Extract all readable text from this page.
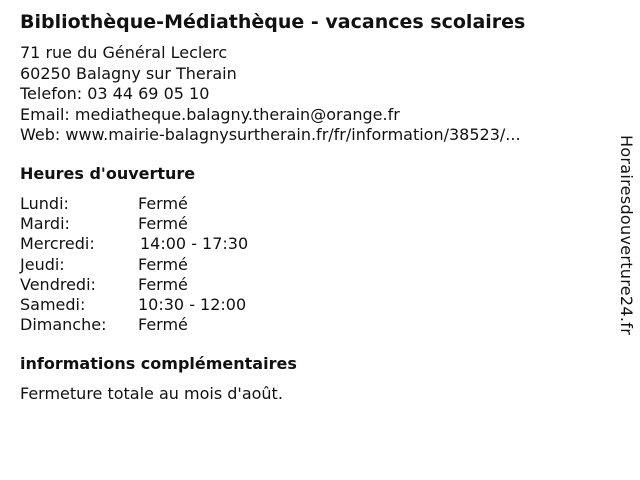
Bibliothèque-Médiathèque - vacances scolaires
71 rue du Général Leclerc
60250 Balagny sur Therain
Telefon: 03 44 69 05 10
Email: mediatheque.balagny.therain@orange.fr
Web: www.mairie-balagnysurtherain.fr/fr/information/38523/...
Heures d'ouverture
Lundi:	Fermé
Mardi:	Fermé
Mercredi:	14:00 - 17:30
Jeudi:	Fermé
Vendredi:	Fermé
Samedi:	10:30 - 12:00
Dimanche: Fermé
informations complémentaires
Fermeture totale au mois d'août.
Horairesdouverture24.fr
